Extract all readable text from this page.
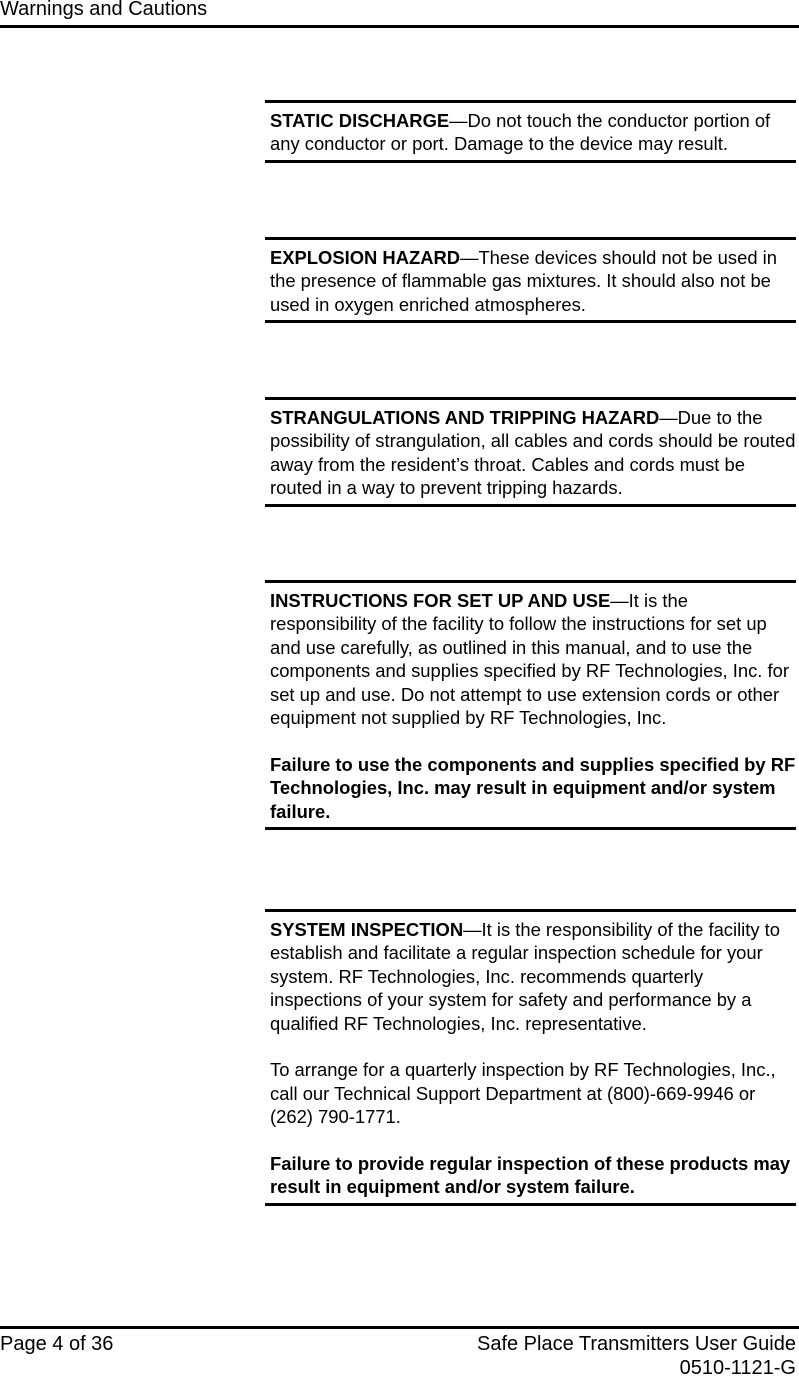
Warnings and Cautions

STATIC DISCHARGE—Do not touch the conductor portion of any conductor or port. Damage to the device may result.

EXPLOSION HAZARD—These devices should not be used in the presence of flammable gas mixtures. It should also not be used in oxygen enriched atmospheres.

STRANGULATIONS AND TRIPPING HAZARD—Due to the possibility of strangulation, all cables and cords should be routed away from the resident’s throat. Cables and cords must be routed in a way to prevent tripping hazards.

INSTRUCTIONS FOR SET UP AND USE—It is the responsibility of the facility to follow the instructions for set up and use carefully, as outlined in this manual, and to use the components and supplies specified by RF Technologies, Inc. for set up and use. Do not attempt to use extension cords or other equipment not supplied by RF Technologies, Inc.

Failure to use the components and supplies specified by RF Technologies, Inc. may result in equipment and/or system failure.

SYSTEM INSPECTION—It is the responsibility of the facility to establish and facilitate a regular inspection schedule for your system. RF Technologies, Inc. recommends quarterly inspections of your system for safety and performance by a qualified RF Technologies, Inc. representative.

To arrange for a quarterly inspection by RF Technologies, Inc., call our Technical Support Department at (800)-669-9946 or (262) 790-1771.

Failure to provide regular inspection of these products may result in equipment and/or system failure.

Page 4 of 36	Safe Place Transmitters User Guide
0510-1121-G
